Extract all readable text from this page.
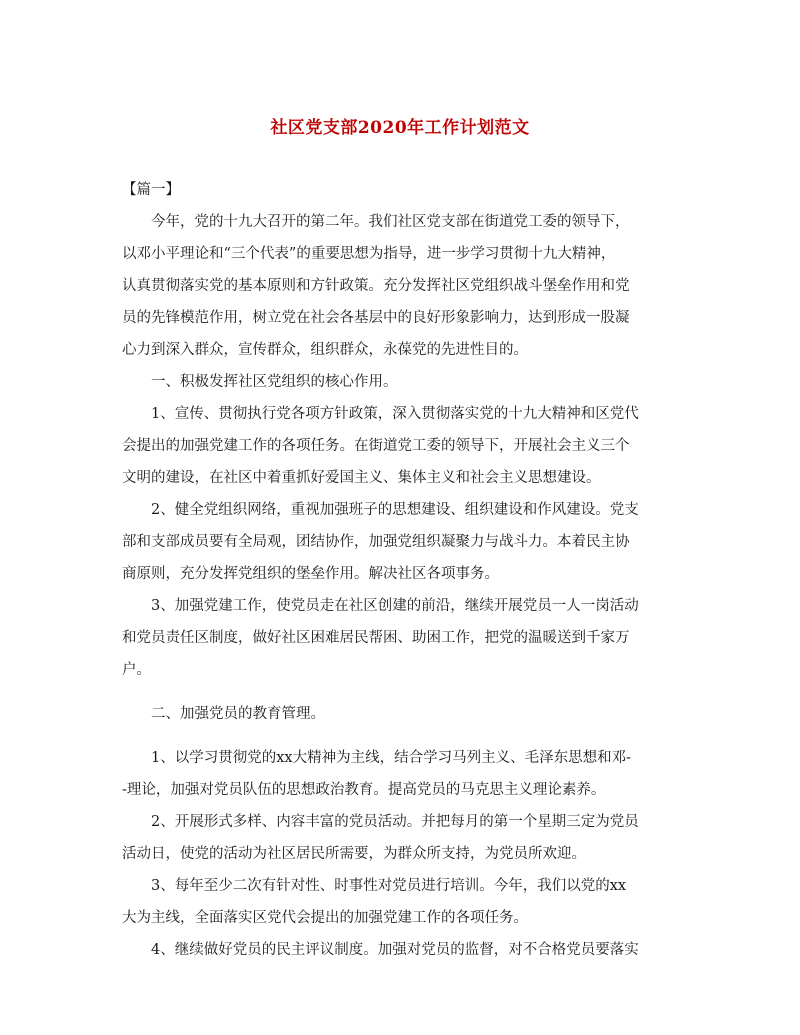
社区党支部2020年工作计划范文
【篇一】
　　今年，党的十九大召开的第二年。我们社区党支部在街道党工委的领导下，
以邓小平理论和“三个代表”的重要思想为指导，进一步学习贯彻十九大精神，
认真贯彻落实党的基本原则和方针政策。充分发挥社区党组织战斗堡垒作用和党
员的先锋模范作用，树立党在社会各基层中的良好形象影响力，达到形成一股凝
心力到深入群众，宣传群众，组织群众，永葆党的先进性目的。
　　一、积极发挥社区党组织的核心作用。
　　1、宣传、贯彻执行党各项方针政策，深入贯彻落实党的十九大精神和区党代
会提出的加强党建工作的各项任务。在街道党工委的领导下，开展社会主义三个
文明的建设，在社区中着重抓好爱国主义、集体主义和社会主义思想建设。
　　2、健全党组织网络，重视加强班子的思想建设、组织建设和作风建设。党支
部和支部成员要有全局观，团结协作，加强党组织凝聚力与战斗力。本着民主协
商原则，充分发挥党组织的堡垒作用。解决社区各项事务。
　　3、加强党建工作，使党员走在社区创建的前沿，继续开展党员一人一岗活动
和党员责任区制度，做好社区困难居民帮困、助困工作，把党的温暖送到千家万
户。
　　二、加强党员的教育管理。
　　1、以学习贯彻党的xx大精神为主线，结合学习马列主义、毛泽东思想和邓-
-理论，加强对党员队伍的思想政治教育。提高党员的马克思主义理论素养。
　　2、开展形式多样、内容丰富的党员活动。并把每月的第一个星期三定为党员
活动日，使党的活动为社区居民所需要，为群众所支持，为党员所欢迎。
　　3、每年至少二次有针对性、时事性对党员进行培训。今年，我们以党的xx
大为主线，全面落实区党代会提出的加强党建工作的各项任务。
　　4、继续做好党员的民主评议制度。加强对党员的监督，对不合格党员要落实
